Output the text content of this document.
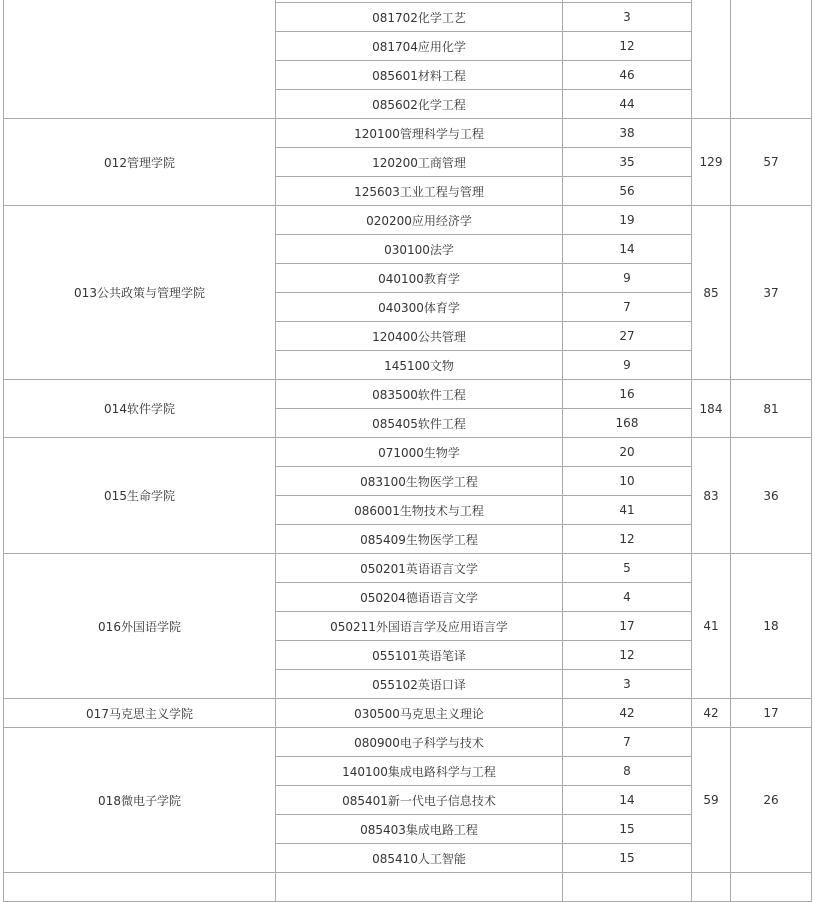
	081702化学工艺	3		
	081704应用化学	12		
	085601材料工程	46		
	085602化学工程	44		
012管理学院	120100管理科学与工程	38	129	57
	120200工商管理	35		
	125603工业工程与管理	56		
013公共政策与管理学院	020200应用经济学	19	85	37
	030100法学	14		
	040100教育学	9		
	040300体育学	7		
	120400公共管理	27		
	145100文物	9		
014软件学院	083500软件工程	16	184	81
	085405软件工程	168		
015生命学院	071000生物学	20	83	36
	083100生物医学工程	10		
	086001生物技术与工程	41		
	085409生物医学工程	12		
016外国语学院	050201英语语言文学	5	41	18
	050204德语语言文学	4		
	050211外国语言学及应用语言学	17		
	055101英语笔译	12		
	055102英语口译	3		
017马克思主义学院	030500马克思主义理论	42	42	17
018微电子学院	080900电子科学与技术	7	59	26
	140100集成电路科学与工程	8		
	085401新一代电子信息技术	14		
	085403集成电路工程	15		
	085410人工智能	15		
